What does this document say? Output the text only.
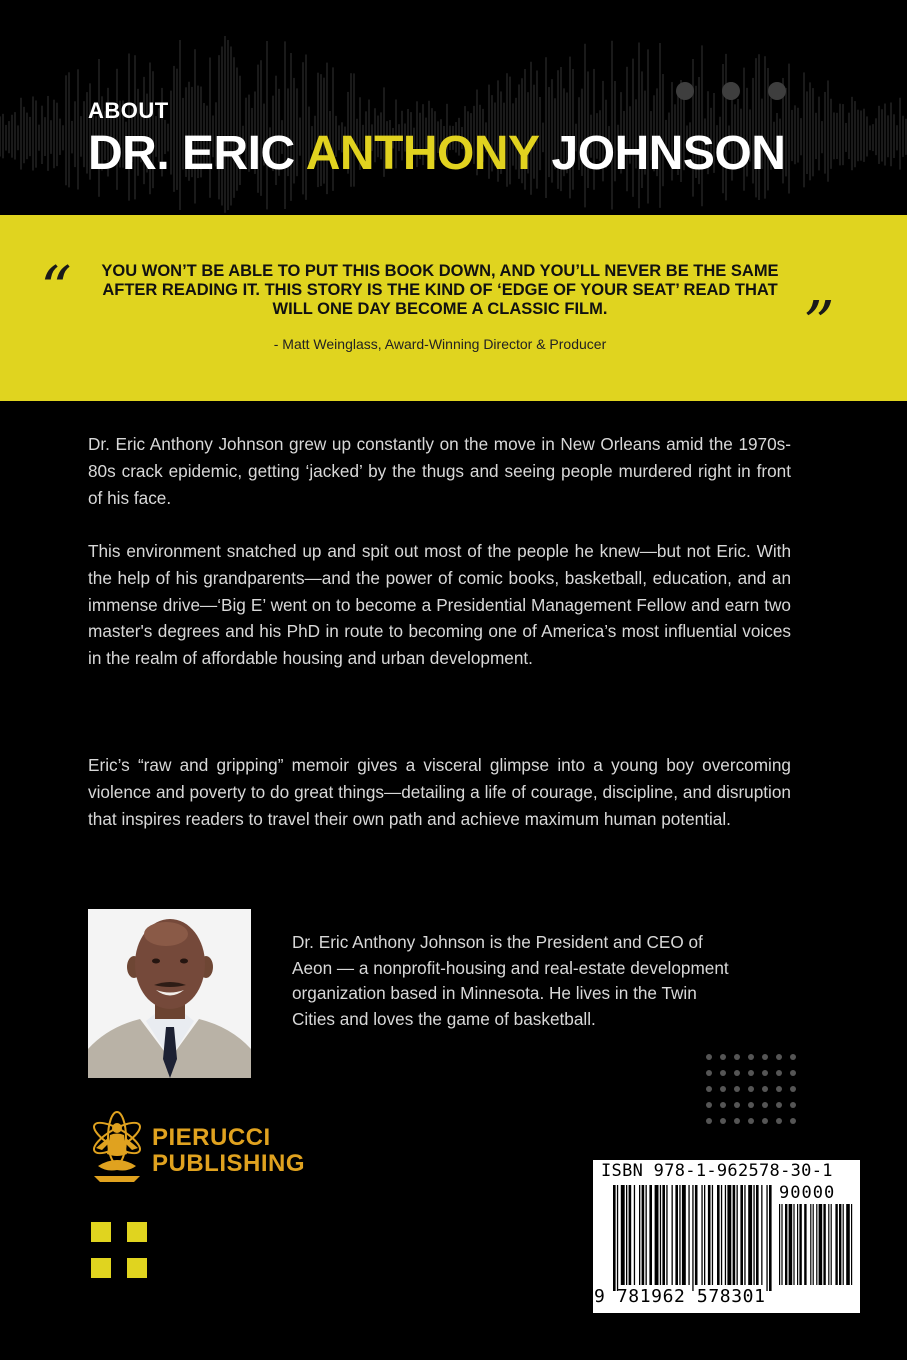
ABOUT
DR. ERIC ANTHONY JOHNSON
“	”
YOU WON’T BE ABLE TO PUT THIS BOOK DOWN, AND YOU’LL NEVER BE THE SAME AFTER READING IT. THIS STORY IS THE KIND OF ‘EDGE OF YOUR SEAT’ READ THAT WILL ONE DAY BECOME A CLASSIC FILM.
- Matt Weinglass, Award-Winning Director & Producer
Dr. Eric Anthony Johnson grew up constantly on the move in New Orleans amid the 1970s-80s crack epidemic, getting ‘jacked’ by the thugs and seeing people murdered right in front of his face.
This environment snatched up and spit out most of the people he knew—but not Eric. With the help of his grandparents—and the power of comic books, basketball, education, and an immense drive—‘Big E’ went on to become a Presidential Management Fellow and earn two master's degrees and his PhD in route to becoming one of America’s most influential voices in the realm of affordable housing and urban development.
Eric’s “raw and gripping” memoir gives a visceral glimpse into a young boy overcoming violence and poverty to do great things—detailing a life of courage, discipline, and disruption that inspires readers to travel their own path and achieve maximum human potential.
Dr. Eric Anthony Johnson is the President and CEO of Aeon — a nonprofit-housing and real-estate development organization based in Minnesota. He lives in the Twin Cities and loves the game of basketball.
PIERUCCI
PUBLISHING	ISBN 978-1-962578-30-1
90000
9 781962 578301
